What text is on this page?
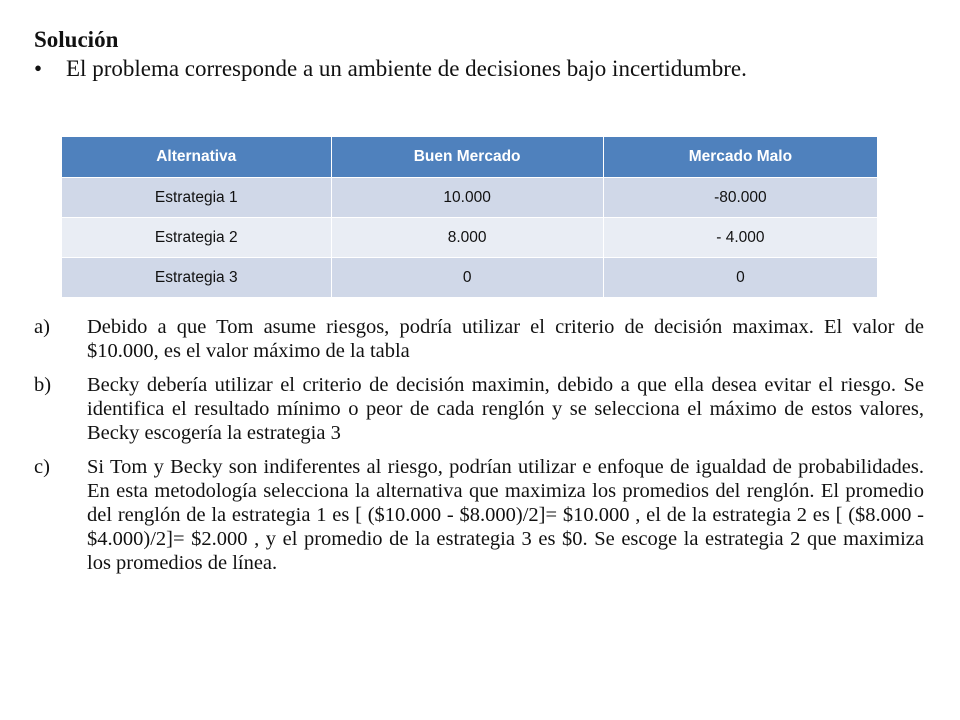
Solución
•	El problema corresponde a un ambiente de decisiones bajo incertidumbre.
Alternativa	Buen Mercado	Mercado Malo
Estrategia 1	10.000	-80.000
Estrategia 2	8.000	- 4.000
Estrategia 3	0	0
a)	Debido a que Tom asume riesgos, podría utilizar el criterio de decisión maximax. El valor de $10.000, es el valor máximo de la tabla
b)	Becky debería utilizar el criterio de decisión maximin, debido a que ella desea evitar el riesgo. Se identifica el resultado mínimo o peor de cada renglón y se selecciona el máximo de estos valores, Becky escogería la estrategia 3
c)	Si Tom y Becky son indiferentes al riesgo, podrían utilizar e enfoque de igualdad de probabilidades. En esta metodología selecciona la alternativa que maximiza los promedios del renglón. El promedio del renglón de la estrategia 1 es [ ($10.000 - $8.000)/2]= $10.000 , el de la estrategia 2 es [ ($8.000 - $4.000)/2]= $2.000 , y el promedio de la estrategia 3 es $0. Se escoge la estrategia 2 que maximiza los promedios de línea.
